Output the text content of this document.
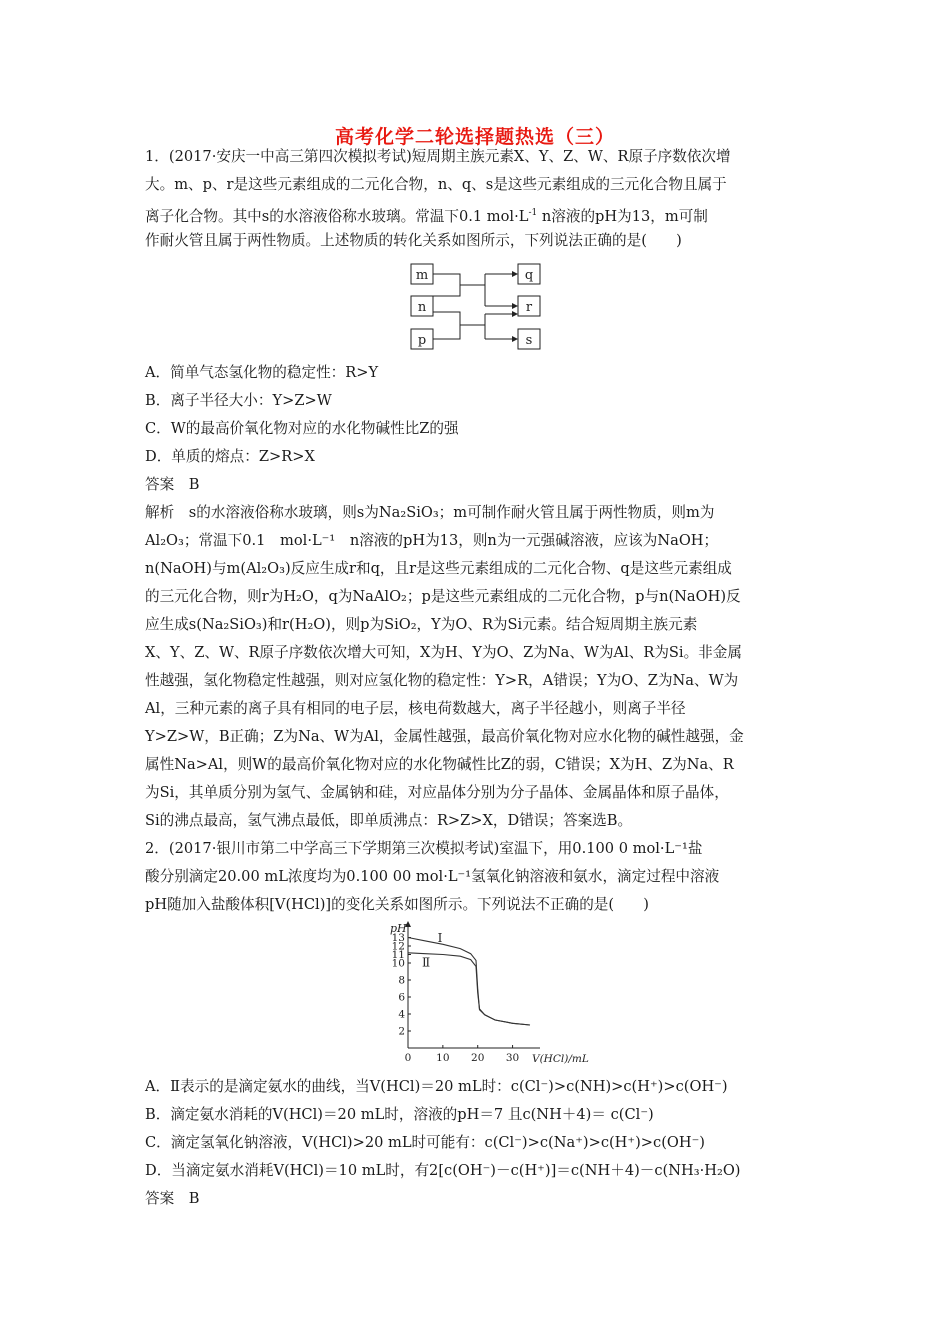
高考化学二轮选择题热选（三）
1．(2017·安庆一中高三第四次模拟考试)短周期主族元素X、Y、Z、W、R原子序数依次增
大。m、p、r是这些元素组成的二元化合物，n、q、s是这些元素组成的三元化合物且属于
离子化合物。其中s的水溶液俗称水玻璃。常温下0.1 $mol\cdot L^{-1}$ n溶液的pH为13，m可制
作耐火管且属于两性物质。上述物质的转化关系如图所示，下列说法正确的是(　　)
m
n
p
q
r
s
A．简单气态氢化物的稳定性：R>Y
B．离子半径大小：Y>Z>W
C．W的最高价氧化物对应的水化物碱性比Z的强
D．单质的熔点：Z>R>X
答案　B
解析　s的水溶液俗称水玻璃，则s为Na₂SiO₃；m可制作耐火管且属于两性物质，则m为
Al₂O₃；常温下0.1　mol·L⁻¹　n溶液的pH为13，则n为一元强碱溶液，应该为NaOH；
n(NaOH)与m(Al₂O₃)反应生成r和q，且r是这些元素组成的二元化合物、q是这些元素组成
的三元化合物，则r为H₂O，q为NaAlO₂；p是这些元素组成的二元化合物，p与n(NaOH)反
应生成s(Na₂SiO₃)和r(H₂O)，则p为SiO₂，Y为O、R为Si元素。结合短周期主族元素
X、Y、Z、W、R原子序数依次增大可知，X为H、Y为O、Z为Na、W为Al、R为Si。非金属
性越强，氢化物稳定性越强，则对应氢化物的稳定性：Y>R，A错误；Y为O、Z为Na、W为
Al，三种元素的离子具有相同的电子层，核电荷数越大，离子半径越小，则离子半径
Y>Z>W，B正确；Z为Na、W为Al，金属性越强，最高价氧化物对应水化物的碱性越强，金
属性Na>Al，则W的最高价氧化物对应的水化物碱性比Z的弱，C错误；X为H、Z为Na、R
为Si，其单质分别为氢气、金属钠和硅，对应晶体分别为分子晶体、金属晶体和原子晶体，
Si的沸点最高，氢气沸点最低，即单质沸点：R>Z>X，D错误；答案选B。
2．(2017·银川市第二中学高三下学期第三次模拟考试)室温下，用0.100 0 mol·L⁻¹盐
酸分别滴定20.00 mL浓度均为0.100 00 mol·L⁻¹氢氧化钠溶液和氨水，滴定过程中溶液
pH随加入盐酸体积[V(HCl)]的变化关系如图所示。下列说法不正确的是(　　)
2
4
6
8
10
11
12
13
0 10 20 30
pH
V(HCl)/mL
Ⅰ
Ⅱ
A．Ⅱ表示的是滴定氨水的曲线，当V(HCl)＝20 mL时：c(Cl⁻)>c(NH)>c(H⁺)>c(OH⁻)
B．滴定氨水消耗的V(HCl)＝20 mL时，溶液的pH＝7 且c(NH＋4)＝ c(Cl⁻)
C．滴定氢氧化钠溶液，V(HCl)>20 mL时可能有：c(Cl⁻)>c(Na⁺)>c(H⁺)>c(OH⁻)
D．当滴定氨水消耗V(HCl)＝10 mL时，有2[c(OH⁻)－c(H⁺)]＝c(NH＋4)－c(NH₃·H₂O)
答案　B
